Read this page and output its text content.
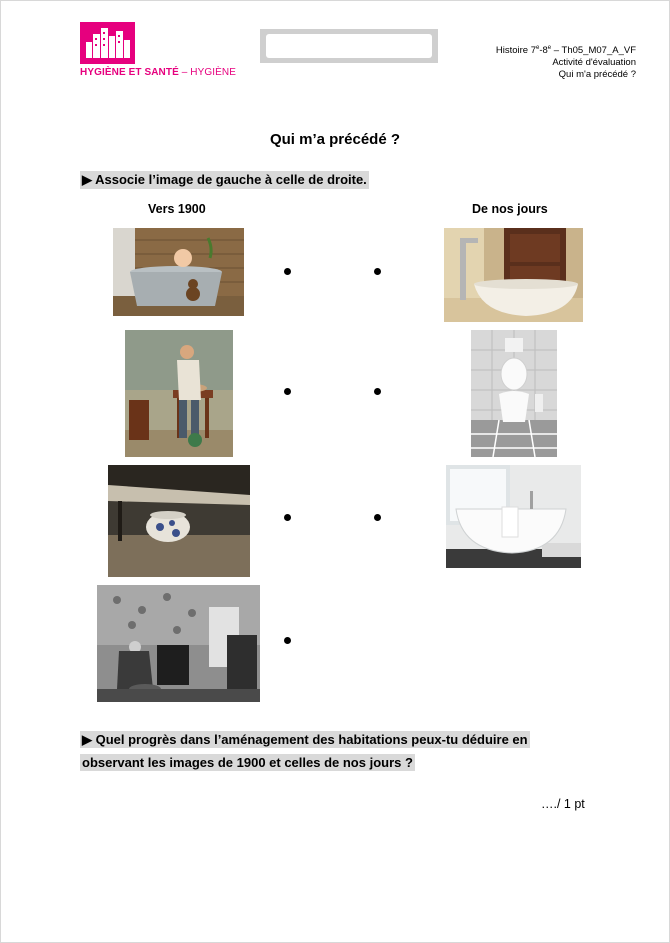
HYGIÈNE ET SANTÉ – HYGIÈNE
Histoire 7e-8e – Th05_M07_A_VF
Activité d'évaluation
Qui m'a précédé ?
Qui m’a précédé ?
▶ Associe l’image de gauche à celle de droite.
Vers 1900	De nos jours
▶ Quel progrès dans l’aménagement des habitations peux-tu déduire en
observant les images de 1900 et celles de nos jours ?
…./ 1 pt
